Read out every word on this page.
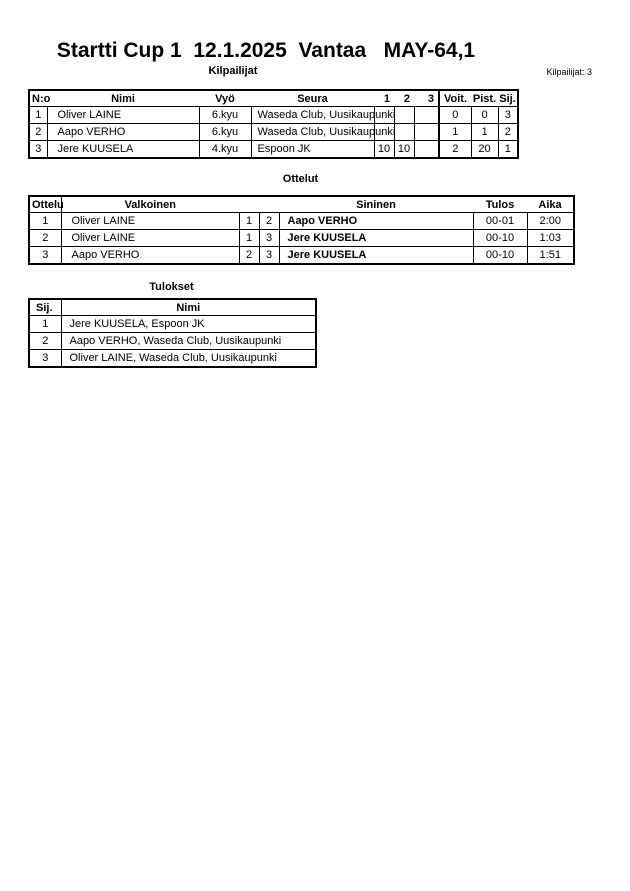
Startti Cup 1  12.1.2025  Vantaa   MAY-64,1
Kilpailijat	Kilpailijat: 3
N:o	Nimi	Vyö	Seura	1	2	3	Voit.	Pist.	Sij.
1	Oliver LAINE	6.kyu	Waseda Club, Uusikaupunki				0	0	3
2	Aapo VERHO	6.kyu	Waseda Club, Uusikaupunki				1	1	2
3	Jere KUUSELA	4.kyu	Espoon JK	10	10		2	20	1
Ottelut
Ottelu	Valkoinen			Sininen	Tulos	Aika
1	Oliver LAINE	1	2	Aapo VERHO	00-01	2:00
2	Oliver LAINE	1	3	Jere KUUSELA	00-10	1:03
3	Aapo VERHO	2	3	Jere KUUSELA	00-10	1:51
Tulokset
Sij.	Nimi
1	Jere KUUSELA, Espoon JK
2	Aapo VERHO, Waseda Club, Uusikaupunki
3	Oliver LAINE, Waseda Club, Uusikaupunki
